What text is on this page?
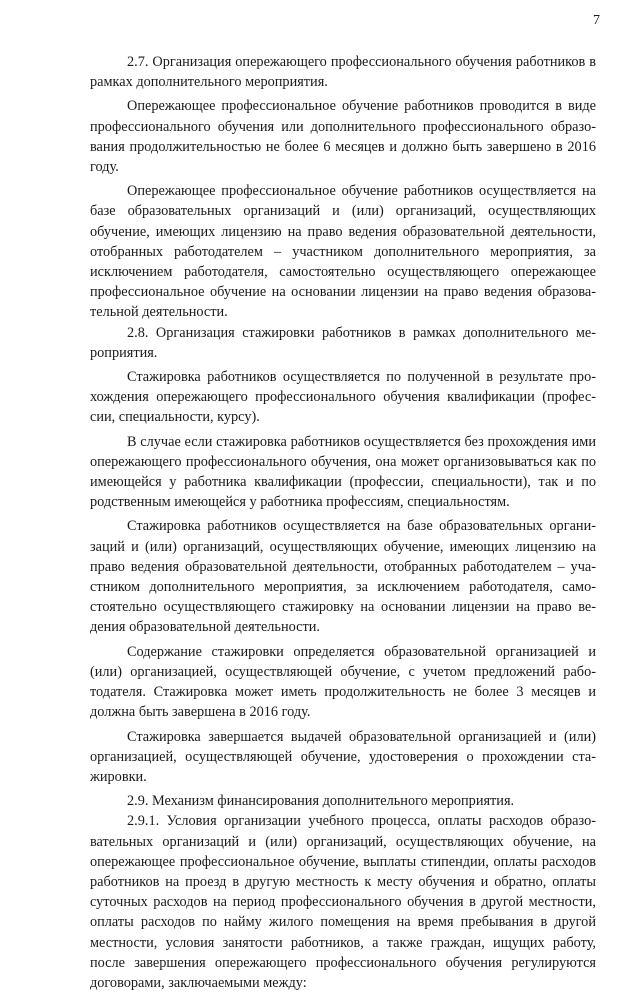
7

2.7. Организация опережающего профессионального обучения работников в рамках дополнительного мероприятия.

Опережающее профессиональное обучение работников проводится в виде профессионального обучения или дополнительного профессионального образования продолжительностью не более 6 месяцев и должно быть завершено в 2016 году.

Опережающее профессиональное обучение работников осуществляется на базе образовательных организаций и (или) организаций, осуществляющих обучение, имеющих лицензию на право ведения образовательной деятельности, отобранных работодателем – участником дополнительного мероприятия, за исключением работодателя, самостоятельно осуществляющего опережающее профессиональное обучение на основании лицензии на право ведения образовательной деятельности.

2.8. Организация стажировки работников в рамках дополнительного мероприятия.

Стажировка работников осуществляется по полученной в результате прохождения опережающего профессионального обучения квалификации (профессии, специальности, курсу).

В случае если стажировка работников осуществляется без прохождения ими опережающего профессионального обучения, она может организовываться как по имеющейся у работника квалификации (профессии, специальности), так и по родственным имеющейся у работника профессиям, специальностям.

Стажировка работников осуществляется на базе образовательных организаций и (или) организаций, осуществляющих обучение, имеющих лицензию на право ведения образовательной деятельности, отобранных работодателем – участником дополнительного мероприятия, за исключением работодателя, самостоятельно осуществляющего стажировку на основании лицензии на право ведения образовательной деятельности.

Содержание стажировки определяется образовательной организацией и (или) организацией, осуществляющей обучение, с учетом предложений работодателя. Стажировка может иметь продолжительность не более 3 месяцев и должна быть завершена в 2016 году.

Стажировка завершается выдачей образовательной организацией и (или) организацией, осуществляющей обучение, удостоверения о прохождении стажировки.

2.9. Механизм финансирования дополнительного мероприятия.

2.9.1. Условия организации учебного процесса, оплаты расходов образовательных организаций и (или) организаций, осуществляющих обучение, на опережающее профессиональное обучение, выплаты стипендии, оплаты расходов работников на проезд в другую местность к месту обучения и обратно, оплаты суточных расходов на период профессионального обучения в другой местности, оплаты расходов по найму жилого помещения на время пребывания в другой местности, условия занятости работников, а также граждан, ищущих работу, после завершения опережающего профессионального обучения регулируются договорами, заключаемыми между:
